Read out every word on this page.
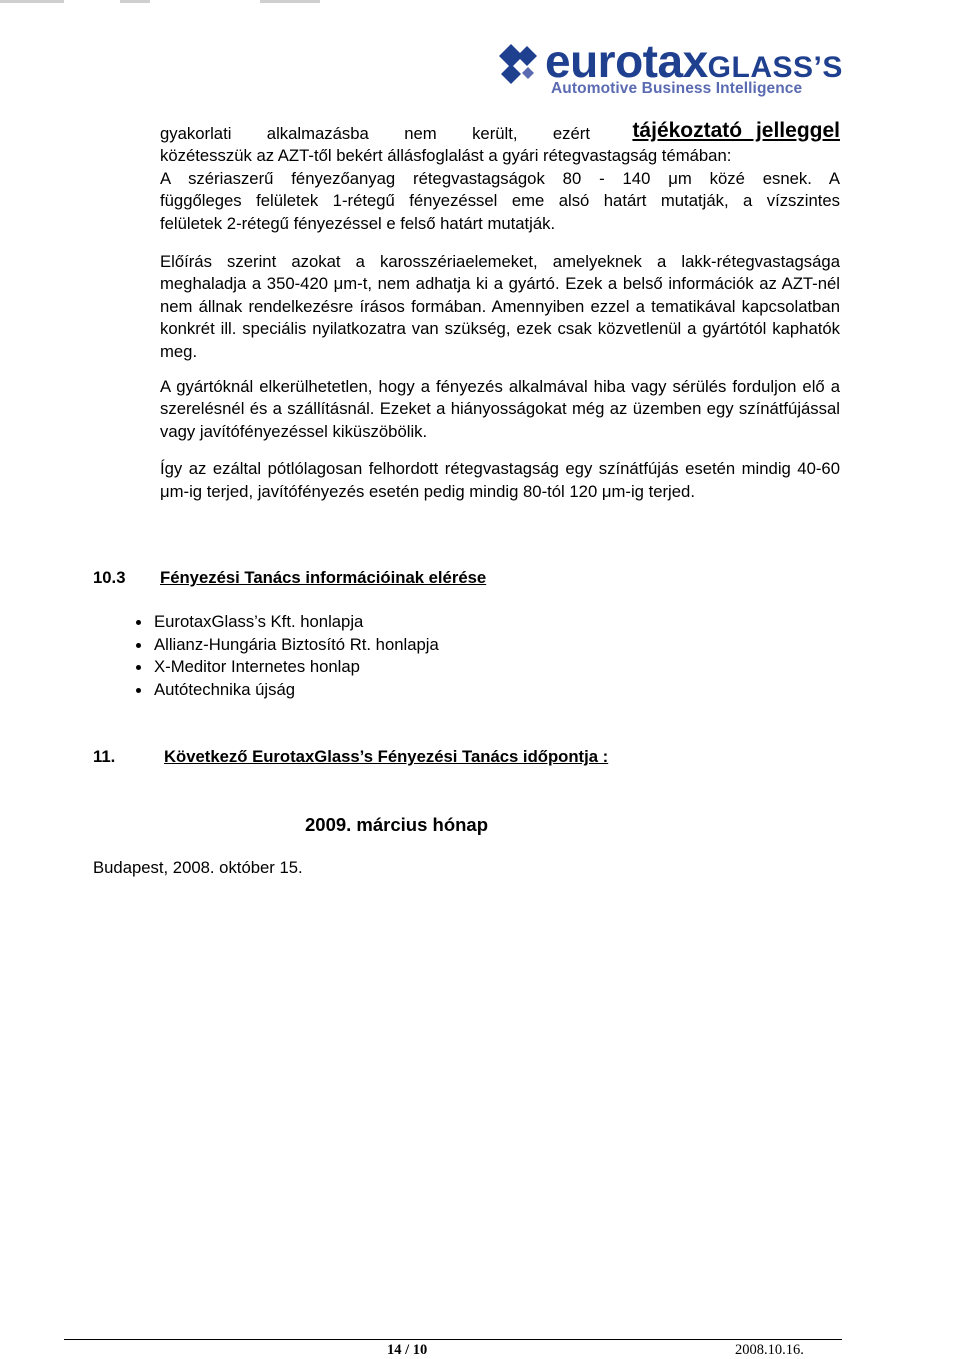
eurotaxGLASS’S
Automotive Business Intelligence
gyakorlati alkalmazásba nem került, ezért tájékoztató jelleggel
közétesszük az AZT-től bekért állásfoglalást a gyári rétegvastagság témában:
A szériaszerű fényezőanyag rétegvastagságok 80 - 140 μm közé esnek. A
függőleges felületek 1-rétegű fényezéssel eme alsó határt mutatják, a vízszintes
felületek 2-rétegű fényezéssel e felső határt mutatják.
Előírás szerint azokat a karosszériaelemeket, amelyeknek a lakk-rétegvastagsága meghaladja a 350-420 μm-t, nem adhatja ki a gyártó. Ezek a belső információk az AZT-nél nem állnak rendelkezésre írásos formában. Amennyiben ezzel a tematikával kapcsolatban konkrét ill. speciális nyilatkozatra van szükség, ezek csak közvetlenül a gyártótól kaphatók meg.
A gyártóknál elkerülhetetlen, hogy a fényezés alkalmával hiba vagy sérülés forduljon elő a szerelésnél és a szállításnál. Ezeket a hiányosságokat még az üzemben egy színátfújással vagy javítófényezéssel kiküszöbölik.
Így az ezáltal pótlólagosan felhordott rétegvastagság egy színátfújás esetén mindig 40-60 μm-ig terjed, javítófényezés esetén pedig mindig 80-tól 120 μm-ig terjed.
10.3 Fényezési Tanács információinak elérése
EurotaxGlass’s Kft. honlapja
Allianz-Hungária Biztosító Rt. honlapja
X-Meditor Internetes honlap
Autótechnika újság
11.	Következő EurotaxGlass’s Fényezési Tanács időpontja :
2009. március hónap
Budapest, 2008. október 15.
14 / 10	2008.10.16.
